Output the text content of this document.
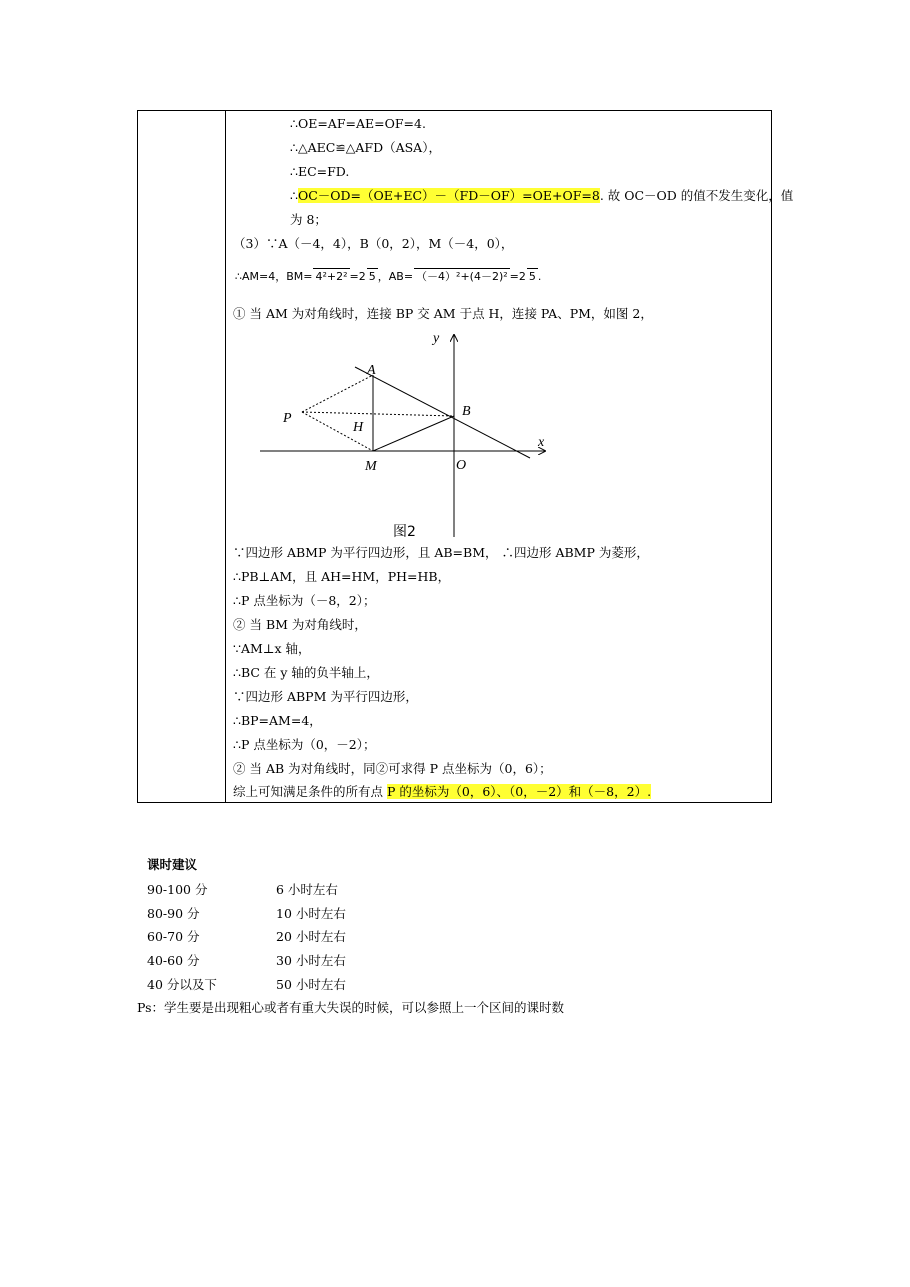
∴OE=AF=AE=OF=4.
∴△AEC≌△AFD（ASA），
∴EC=FD.
∴OC－OD=（OE+EC）－（FD－OF）=OE+OF=8. 故 OC－OD 的值不发生变化，值
为 8；
（3）∵A（－4，4），B（0，2），M（－4，0），
∴AM=4，BM= 4²+2² =2 5 ，AB= （－4）²+(4－2)² =2 5 .
① 当 AM 为对角线时，连接 BP 交 AM 于点 H，连接 PA、PM，如图 2，
y
x
A
B
P
H
M	O
图2
∵四边形 ABMP 为平行四边形，且 AB=BM， ∴四边形 ABMP 为菱形，
∴PB⊥AM，且 AH=HM，PH=HB，
∴P 点坐标为（－8，2）；
② 当 BM 为对角线时，
∵AM⊥x 轴，
∴BC 在 y 轴的负半轴上，
∵四边形 ABPM 为平行四边形，
∴BP=AM=4，
∴P 点坐标为（0，－2）；
② 当 AB 为对角线时，同②可求得 P 点坐标为（0，6）；
综上可知满足条件的所有点 P 的坐标为（0，6）、（0，－2）和（－8，2）.
课时建议
90-100 分	6 小时左右
80-90 分	10 小时左右
60-70 分	20 小时左右
40-60 分	30 小时左右
40 分以及下	50 小时左右
Ps：学生要是出现粗心或者有重大失误的时候，可以参照上一个区间的课时数
